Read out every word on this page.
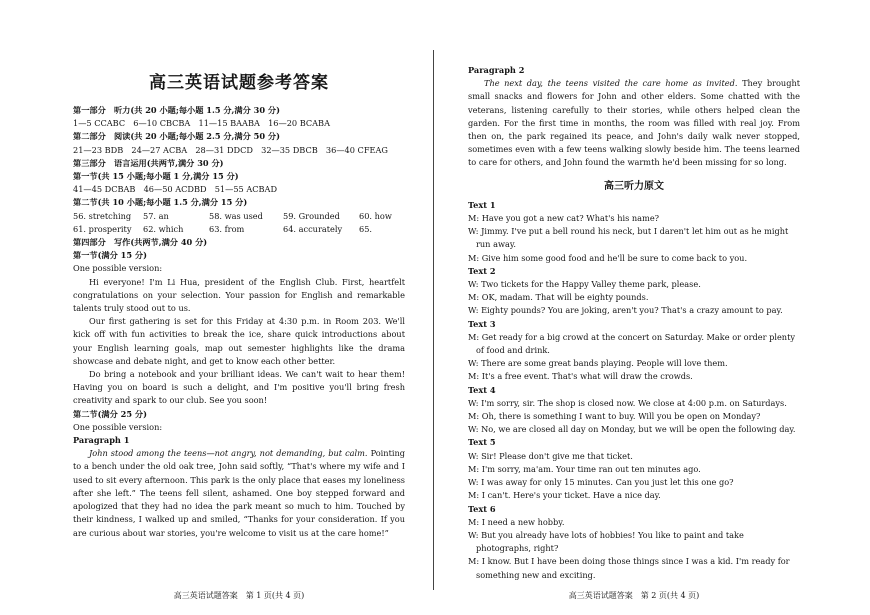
高三英语试题参考答案
第一部分　听力(共 20 小题;每小题 1.5 分,满分 30 分)
1—5 CCABC　6—10 CBCBA　11—15 BAABA　16—20 BCABA
第二部分　阅读(共 20 小题;每小题 2.5 分,满分 50 分)
21—23 BDB　24—27 ACBA　28—31 DDCD　32—35 DBCB　36—40 CFEAG
第三部分　语言运用(共两节,满分 30 分)
第一节(共 15 小题;每小题 1 分,满分 15 分)
41—45 DCBAB　46—50 ACDBD　51—55 ACBAD
第二节(共 10 小题;每小题 1.5 分,满分 15 分)
56. stretching	57. an	58. was used	59. Grounded	60. how
61. prosperity	62. which	63. from	64. accurately	65.
第四部分　写作(共两节,满分 40 分)
第一节(满分 15 分)
One possible version:
Hi everyone! I'm Li Hua, president of the English Club. First, heartfelt congratulations on your selection. Your passion for English and remarkable talents truly stood out to us.
Our first gathering is set for this Friday at 4:30 p.m. in Room 203. We'll kick off with fun activities to break the ice, share quick introductions about your English learning goals, map out semester highlights like the drama showcase and debate night, and get to know each other better.
Do bring a notebook and your brilliant ideas. We can't wait to hear them! Having you on board is such a delight, and I'm positive you'll bring fresh creativity and spark to our club. See you soon!
第二节(满分 25 分)
One possible version:
Paragraph 1
John stood among the teens—not angry, not demanding, but calm. Pointing to a bench under the old oak tree, John said softly, “That's where my wife and I used to sit every afternoon. This park is the only place that eases my loneliness after she left.” The teens fell silent, ashamed. One boy stepped forward and apologized that they had no idea the park meant so much to him. Touched by their kindness, I walked up and smiled, “Thanks for your consideration. If you are curious about war stories, you're welcome to visit us at the care home!”
高三英语试题答案　第 1 页(共 4 页)
Paragraph 2
The next day, the teens visited the care home as invited. They brought small snacks and flowers for John and other elders. Some chatted with the veterans, listening carefully to their stories, while others helped clean the garden. For the first time in months, the room was filled with real joy. From then on, the park regained its peace, and John's daily walk never stopped, sometimes even with a few teens walking slowly beside him. The teens learned to care for others, and John found the warmth he'd been missing for so long.
高三听力原文
Text 1
M: Have you got a new cat? What's his name?
W: Jimmy. I've put a bell round his neck, but I daren't let him out as he might run away.
M: Give him some good food and he'll be sure to come back to you.
Text 2
W: Two tickets for the Happy Valley theme park, please.
M: OK, madam. That will be eighty pounds.
W: Eighty pounds? You are joking, aren't you? That's a crazy amount to pay.
Text 3
M: Get ready for a big crowd at the concert on Saturday. Make or order plenty of food and drink.
W: There are some great bands playing. People will love them.
M: It's a free event. That's what will draw the crowds.
Text 4
W: I'm sorry, sir. The shop is closed now. We close at 4:00 p.m. on Saturdays.
M: Oh, there is something I want to buy. Will you be open on Monday?
W: No, we are closed all day on Monday, but we will be open the following day.
Text 5
W: Sir! Please don't give me that ticket.
M: I'm sorry, ma'am. Your time ran out ten minutes ago.
W: I was away for only 15 minutes. Can you just let this one go?
M: I can't. Here's your ticket. Have a nice day.
Text 6
M: I need a new hobby.
W: But you already have lots of hobbies! You like to paint and take photographs, right?
M: I know. But I have been doing those things since I was a kid. I'm ready for something new and exciting.
高三英语试题答案　第 2 页(共 4 页)
